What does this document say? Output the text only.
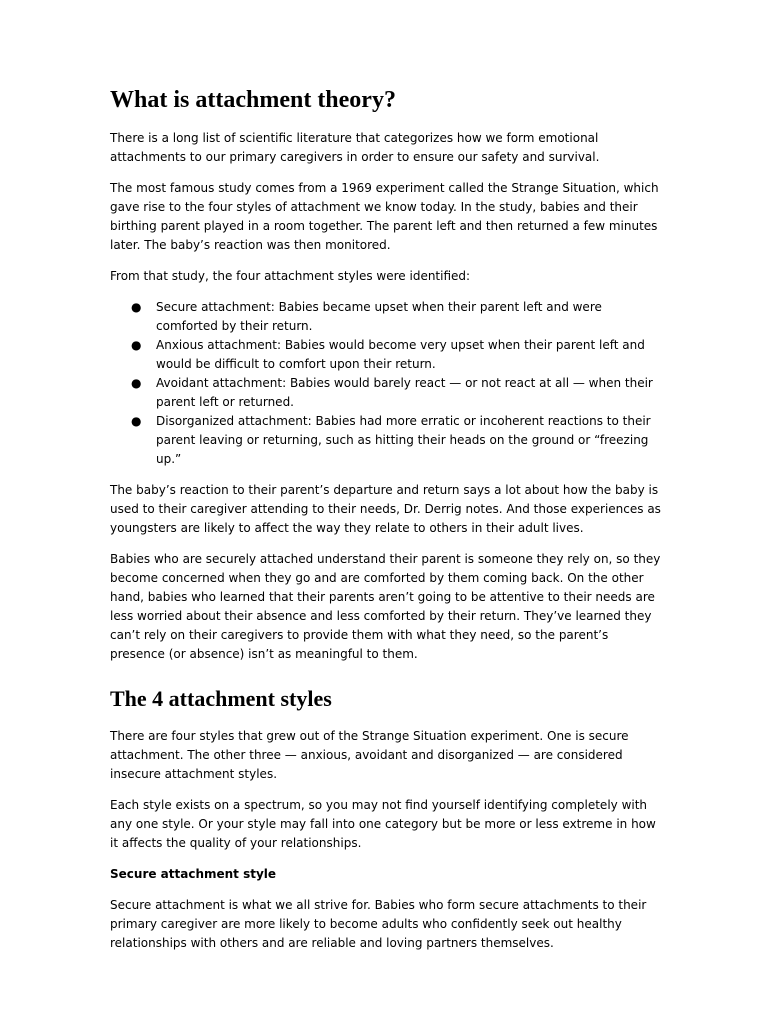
What is attachment theory?

There is a long list of scientific literature that categorizes how we form emotional attachments to our primary caregivers in order to ensure our safety and survival.

The most famous study comes from a 1969 experiment called the Strange Situation, which gave rise to the four styles of attachment we know today. In the study, babies and their birthing parent played in a room together. The parent left and then returned a few minutes later. The baby’s reaction was then monitored.

From that study, the four attachment styles were identified:

● Secure attachment: Babies became upset when their parent left and were comforted by their return.
● Anxious attachment: Babies would become very upset when their parent left and would be difficult to comfort upon their return.
● Avoidant attachment: Babies would barely react — or not react at all — when their parent left or returned.
● Disorganized attachment: Babies had more erratic or incoherent reactions to their parent leaving or returning, such as hitting their heads on the ground or “freezing up.”

The baby’s reaction to their parent’s departure and return says a lot about how the baby is used to their caregiver attending to their needs, Dr. Derrig notes. And those experiences as youngsters are likely to affect the way they relate to others in their adult lives.

Babies who are securely attached understand their parent is someone they rely on, so they become concerned when they go and are comforted by them coming back. On the other hand, babies who learned that their parents aren’t going to be attentive to their needs are less worried about their absence and less comforted by their return. They’ve learned they can’t rely on their caregivers to provide them with what they need, so the parent’s presence (or absence) isn’t as meaningful to them.

The 4 attachment styles

There are four styles that grew out of the Strange Situation experiment. One is secure attachment. The other three — anxious, avoidant and disorganized — are considered insecure attachment styles.

Each style exists on a spectrum, so you may not find yourself identifying completely with any one style. Or your style may fall into one category but be more or less extreme in how it affects the quality of your relationships.

Secure attachment style

Secure attachment is what we all strive for. Babies who form secure attachments to their primary caregiver are more likely to become adults who confidently seek out healthy relationships with others and are reliable and loving partners themselves.
